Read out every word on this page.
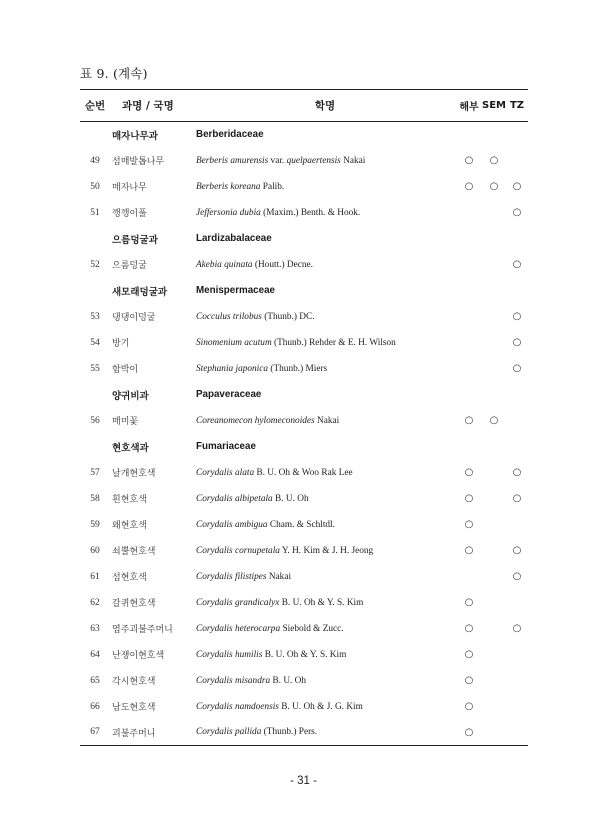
표 9. (계속)
순번	과명 / 국명	학명	해부	SEM	TZ
	매자나무과	Berberidaceae			
49	섬매발톱나무	Berberis amurensis var. quelpaertensis Nakai	○	○	
50	매자나무	Berberis koreana Palib.	○	○	○
51	깽깽이풀	Jeffersonia dubia (Maxim.) Benth. & Hook.			○
	으름덩굴과	Lardizabalaceae			
52	으름덩굴	Akebia quinata (Houtt.) Decne.			○
	새모래덩굴과	Menispermaceae			
53	댕댕이덩굴	Cocculus trilobus (Thunb.) DC.			○
54	방기	Sinomenium acutum (Thunb.) Rehder & E. H. Wilson			○
55	함박이	Stephania japonica (Thunb.) Miers			○
	양귀비과	Papaveraceae			
56	매미꽃	Coreanomecon hylomeconoides Nakai	○	○	
	현호색과	Fumariaceae			
57	날개현호색	Corydalis alata B. U. Oh & Woo Rak Lee	○		○
58	흰현호색	Corydalis albipetala B. U. Oh	○		○
59	왜현호색	Corydalis ambigua Cham. & Schltdl.	○		
60	쇠뿔현호색	Corydalis cornupetala Y. H. Kim & J. H. Jeong	○		○
61	섬현호색	Corydalis filistipes Nakai			○
62	갈퀴현호색	Corydalis grandicalyx B. U. Oh & Y. S. Kim	○		
63	염주괴불주머니	Corydalis heterocarpa Siebold & Zucc.	○		○
64	난쟁이현호색	Corydalis humilis B. U. Oh & Y. S. Kim	○		
65	각시현호색	Corydalis misandra B. U. Oh	○		
66	남도현호색	Corydalis namdoensis B. U. Oh & J. G. Kim	○		
67	괴불주머니	Corydalis pallida (Thunb.) Pers.	○		
- 31 -
